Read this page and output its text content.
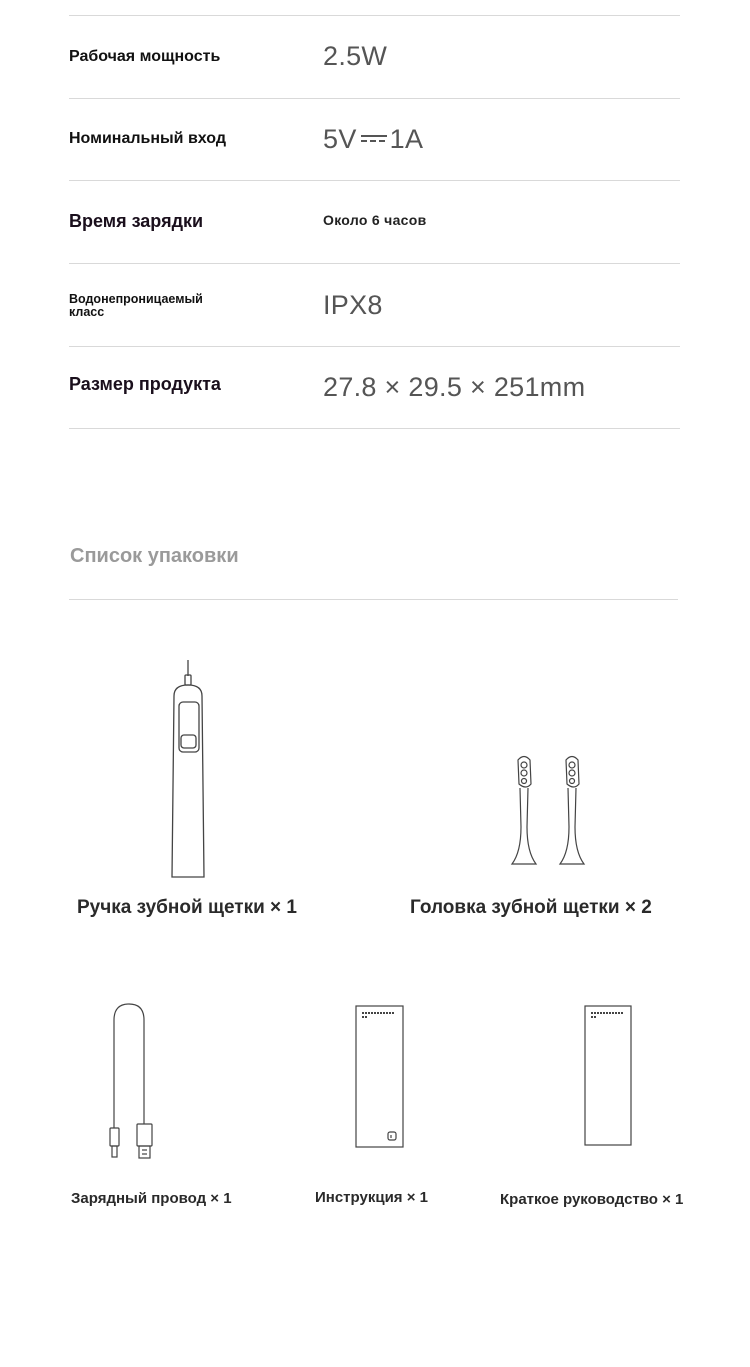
Рабочая мощность	2.5W
Номинальный вход	5V 1A
Время зарядки	Около 6 часов
Водонепроницаемый класс	IPX8
Размер продукта	27.8 × 29.5 × 251mm
Список упаковки
Ручка зубной щетки × 1	Головка зубной щетки × 2
Зарядный провод × 1	Инструкция × 1	Краткое руководство × 1
